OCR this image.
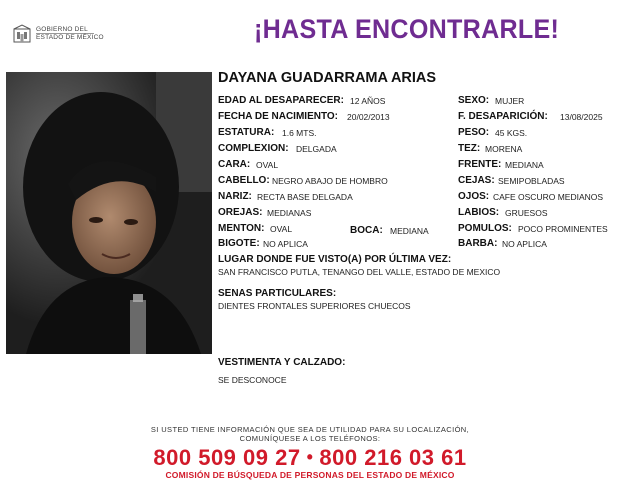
GOBIERNO DEL
ESTADO DE MÉXICO	¡HASTA ENCONTRARLE!
DAYANA GUADARRAMA ARIAS
EDAD AL DESAPARECER: 12 AÑOS
FECHA DE NACIMIENTO: 20/02/2013
ESTATURA: 1.6 MTS.
COMPLEXION: DELGADA
CARA: OVAL
CABELLO: NEGRO ABAJO DE HOMBRO
NARIZ: RECTA BASE DELGADA
OREJAS: MEDIANAS
MENTON: OVAL	BOCA: MEDIANA
BIGOTE: NO APLICA
SEXO: MUJER
F. DESAPARICIÓN: 13/08/2025
PESO: 45 KGS.
TEZ: MORENA
FRENTE: MEDIANA
CEJAS: SEMIPOBLADAS
OJOS: CAFE OSCURO MEDIANOS
LABIOS: GRUESOS
POMULOS: POCO PROMINENTES
BARBA: NO APLICA
LUGAR DONDE FUE VISTO(A) POR ÚLTIMA VEZ:
SAN FRANCISCO PUTLA, TENANGO DEL VALLE, ESTADO DE MEXICO
SENAS PARTICULARES:
DIENTES FRONTALES SUPERIORES CHUECOS
VESTIMENTA Y CALZADO:
SE DESCONOCE
SI USTED TIENE INFORMACIÓN QUE SEA DE UTILIDAD PARA SU LOCALIZACIÓN,
COMUNÍQUESE A LOS TELÉFONOS:
800 509 09 27 • 800 216 03 61
COMISIÓN DE BÚSQUEDA DE PERSONAS DEL ESTADO DE MÉXICO
